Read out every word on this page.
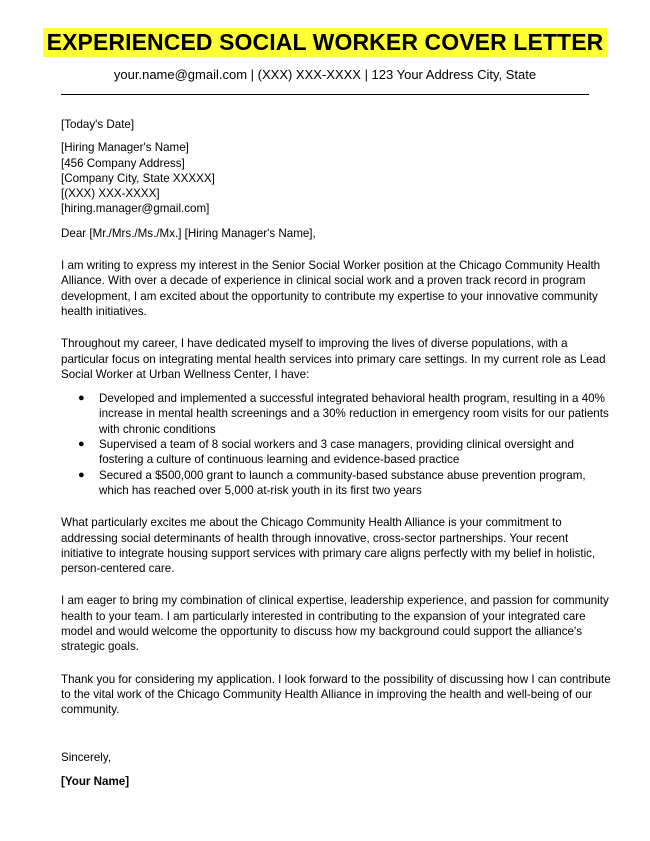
EXPERIENCED SOCIAL WORKER COVER LETTER
your.name@gmail.com | (XXX) XXX-XXXX | 123 Your Address City, State
[Today's Date]
[Hiring Manager's Name]
[456 Company Address]
[Company City, State XXXXX]
[(XXX) XXX-XXXX]
[hiring.manager@gmail.com]
Dear [Mr./Mrs./Ms./Mx.] [Hiring Manager's Name],
I am writing to express my interest in the Senior Social Worker position at the Chicago Community Health
Alliance. With over a decade of experience in clinical social work and a proven track record in program
development, I am excited about the opportunity to contribute my expertise to your innovative community
health initiatives.
Throughout my career, I have dedicated myself to improving the lives of diverse populations, with a
particular focus on integrating mental health services into primary care settings. In my current role as Lead
Social Worker at Urban Wellness Center, I have:
● Developed and implemented a successful integrated behavioral health program, resulting in a 40%
increase in mental health screenings and a 30% reduction in emergency room visits for our patients
with chronic conditions
● Supervised a team of 8 social workers and 3 case managers, providing clinical oversight and
fostering a culture of continuous learning and evidence-based practice
● Secured a $500,000 grant to launch a community-based substance abuse prevention program,
which has reached over 5,000 at-risk youth in its first two years
What particularly excites me about the Chicago Community Health Alliance is your commitment to
addressing social determinants of health through innovative, cross-sector partnerships. Your recent
initiative to integrate housing support services with primary care aligns perfectly with my belief in holistic,
person-centered care.
I am eager to bring my combination of clinical expertise, leadership experience, and passion for community
health to your team. I am particularly interested in contributing to the expansion of your integrated care
model and would welcome the opportunity to discuss how my background could support the alliance's
strategic goals.
Thank you for considering my application. I look forward to the possibility of discussing how I can contribute
to the vital work of the Chicago Community Health Alliance in improving the health and well-being of our
community.
Sincerely,
[Your Name]
